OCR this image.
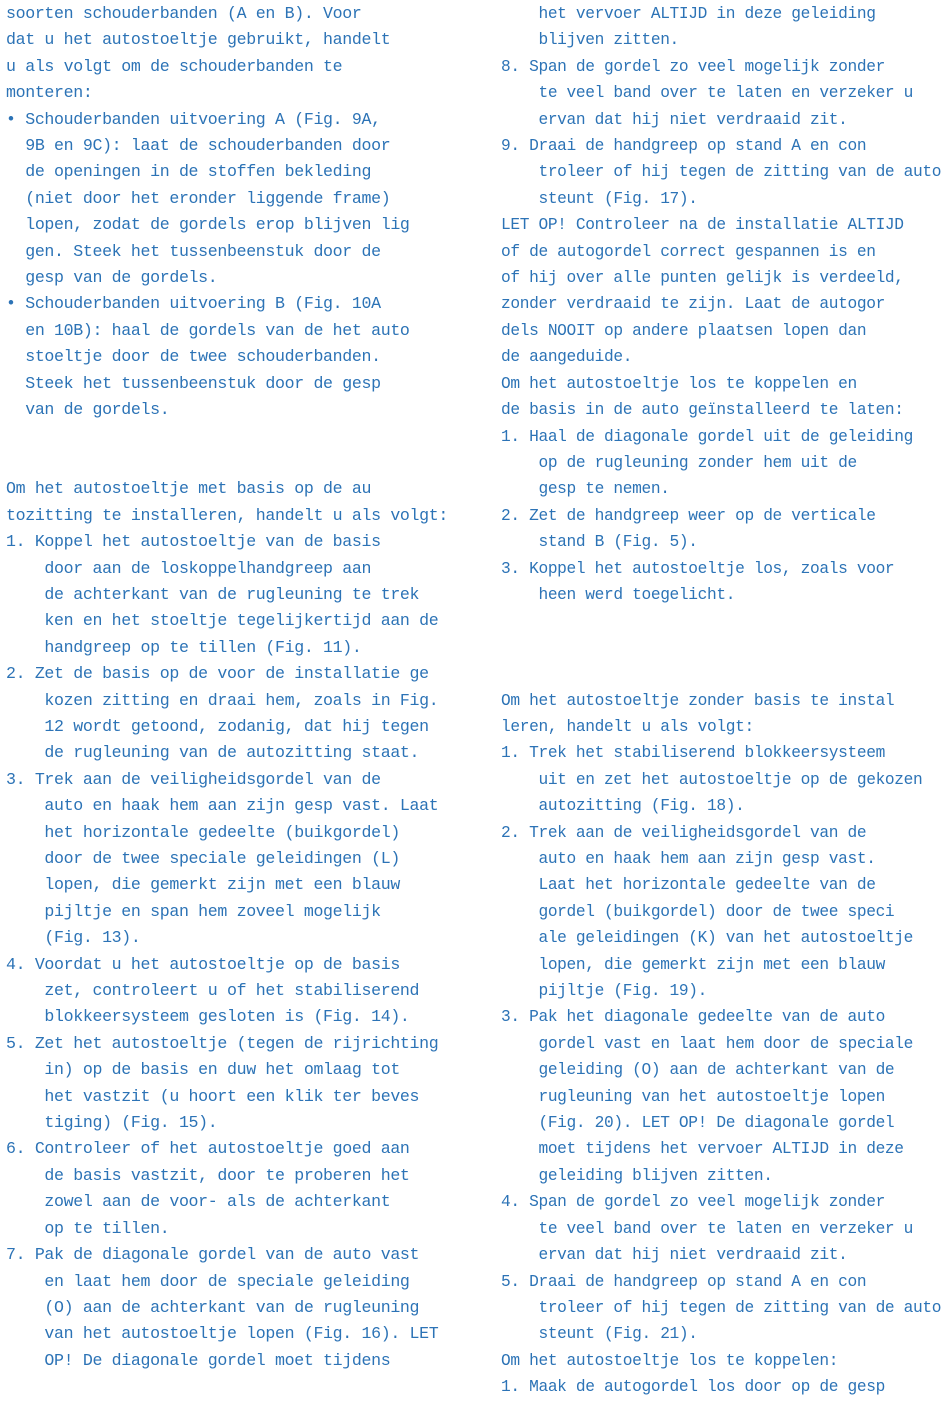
soorten schouderbanden (A en B). Voor
dat u het autostoeltje gebruikt, handelt
u als volgt om de schouderbanden te
monteren:
• Schouderbanden uitvoering A (Fig. 9A,
9B en 9C): laat de schouderbanden door
de openingen in de stoffen bekleding
(niet door het eronder liggende frame)
lopen, zodat de gordels erop blijven lig
gen. Steek het tussenbeenstuk door de
gesp van de gordels.
• Schouderbanden uitvoering B (Fig. 10A
en 10B): haal de gordels van de het auto
stoeltje door de twee schouderbanden.
Steek het tussenbeenstuk door de gesp
van de gordels.

Om het autostoeltje met basis op de au
tozitting te installeren, handelt u als volgt:
1. Koppel het autostoeltje van de basis
door aan de loskoppelhandgreep aan
de achterkant van de rugleuning te trek
ken en het stoeltje tegelijkertijd aan de
handgreep op te tillen (Fig. 11).
2. Zet de basis op de voor de installatie ge
kozen zitting en draai hem, zoals in Fig.
12 wordt getoond, zodanig, dat hij tegen
de rugleuning van de autozitting staat.
3. Trek aan de veiligheidsgordel van de
auto en haak hem aan zijn gesp vast. Laat
het horizontale gedeelte (buikgordel)
door de twee speciale geleidingen (L)
lopen, die gemerkt zijn met een blauw
pijltje en span hem zoveel mogelijk
(Fig. 13).
4. Voordat u het autostoeltje op de basis
zet, controleert u of het stabiliserend
blokkeersysteem gesloten is (Fig. 14).
5. Zet het autostoeltje (tegen de rijrichting
in) op de basis en duw het omlaag tot
het vastzit (u hoort een klik ter beves
tiging) (Fig. 15).
6. Controleer of het autostoeltje goed aan
de basis vastzit, door te proberen het
zowel aan de voor- als de achterkant
op te tillen.
7. Pak de diagonale gordel van de auto vast
en laat hem door de speciale geleiding
(O) aan de achterkant van de rugleuning
van het autostoeltje lopen (Fig. 16). LET
OP! De diagonale gordel moet tijdens
het vervoer ALTIJD in deze geleiding
blijven zitten.
8. Span de gordel zo veel mogelijk zonder
te veel band over te laten en verzeker u
ervan dat hij niet verdraaid zit.
9. Draai de handgreep op stand A en con
troleer of hij tegen de zitting van de auto
steunt (Fig. 17).
LET OP! Controleer na de installatie ALTIJD
of de autogordel correct gespannen is en
of hij over alle punten gelijk is verdeeld,
zonder verdraaid te zijn. Laat de autogor
dels NOOIT op andere plaatsen lopen dan
de aangeduide.
Om het autostoeltje los te koppelen en
de basis in de auto geïnstalleerd te laten:
1. Haal de diagonale gordel uit de geleiding
op de rugleuning zonder hem uit de
gesp te nemen.
2. Zet de handgreep weer op de verticale
stand B (Fig. 5).
3. Koppel het autostoeltje los, zoals voor
heen werd toegelicht.

Om het autostoeltje zonder basis te instal
leren, handelt u als volgt:
1. Trek het stabiliserend blokkeersysteem
uit en zet het autostoeltje op de gekozen
autozitting (Fig. 18).
2. Trek aan de veiligheidsgordel van de
auto en haak hem aan zijn gesp vast.
Laat het horizontale gedeelte van de
gordel (buikgordel) door de twee speci
ale geleidingen (K) van het autostoeltje
lopen, die gemerkt zijn met een blauw
pijltje (Fig. 19).
3. Pak het diagonale gedeelte van de auto
gordel vast en laat hem door de speciale
geleiding (O) aan de achterkant van de
rugleuning van het autostoeltje lopen
(Fig. 20). LET OP! De diagonale gordel
moet tijdens het vervoer ALTIJD in deze
geleiding blijven zitten.
4. Span de gordel zo veel mogelijk zonder
te veel band over te laten en verzeker u
ervan dat hij niet verdraaid zit.
5. Draai de handgreep op stand A en con
troleer of hij tegen de zitting van de auto
steunt (Fig. 21).
Om het autostoeltje los te koppelen:
1. Maak de autogordel los door op de gesp
